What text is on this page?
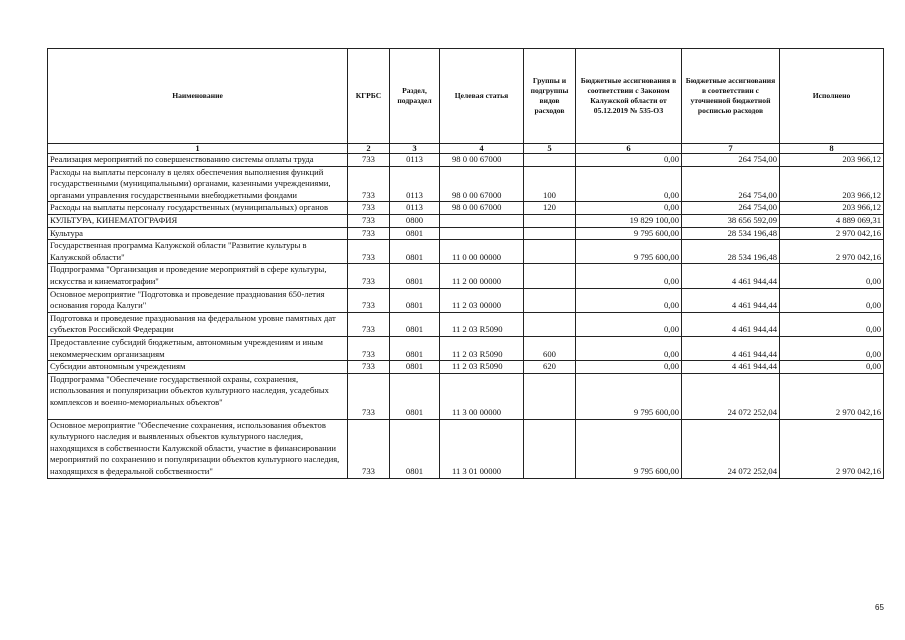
Наименование	КГРБС	Раздел, подраздел	Целевая статья	Группы и подгруппы видов расходов	Бюджетные ассигнования в соответствии с Законом Калужской области от 05.12.2019 № 535-ОЗ	Бюджетные ассигнования в соответствии с уточненной бюджетной росписью расходов	Исполнено
1	2	3	4	5	6	7	8
Реализация мероприятий по совершенствованию системы оплаты труда	733	0113	98 0 00 67000		0,00	264 754,00	203 966,12
Расходы на выплаты персоналу в целях обеспечения выполнения функций государственными (муниципальными) органами, казенными учреждениями, органами управления государственными внебюджетными фондами	733	0113	98 0 00 67000	100	0,00	264 754,00	203 966,12
Расходы на выплаты персоналу государственных (муниципальных) органов	733	0113	98 0 00 67000	120	0,00	264 754,00	203 966,12
КУЛЬТУРА, КИНЕМАТОГРАФИЯ	733	0800			19 829 100,00	38 656 592,09	4 889 069,31
Культура	733	0801			9 795 600,00	28 534 196,48	2 970 042,16
Государственная программа Калужской области "Развитие культуры в Калужской области"	733	0801	11 0 00 00000		9 795 600,00	28 534 196,48	2 970 042,16
Подпрограмма "Организация и проведение мероприятий в сфере культуры, искусства и кинематографии"	733	0801	11 2 00 00000		0,00	4 461 944,44	0,00
Основное мероприятие "Подготовка и проведение празднования 650-летия основания города Калуги"	733	0801	11 2 03 00000		0,00	4 461 944,44	0,00
Подготовка и проведение празднования на федеральном уровне памятных дат субъектов Российской Федерации	733	0801	11 2 03 R5090		0,00	4 461 944,44	0,00
Предоставление субсидий бюджетным, автономным учреждениям и иным некоммерческим организациям	733	0801	11 2 03 R5090	600	0,00	4 461 944,44	0,00
Субсидии автономным учреждениям	733	0801	11 2 03 R5090	620	0,00	4 461 944,44	0,00
Подпрограмма "Обеспечение государственной охраны, сохранения, использования и популяризации объектов культурного наследия, усадебных комплексов и военно-мемориальных объектов"	733	0801	11 3 00 00000		9 795 600,00	24 072 252,04	2 970 042,16
Основное мероприятие "Обеспечение сохранения, использования объектов культурного наследия и выявленных объектов культурного наследия, находящихся в собственности Калужской области, участие в финансировании мероприятий по сохранению и популяризации объектов культурного наследия, находящихся в федеральной собственности"	733	0801	11 3 01 00000		9 795 600,00	24 072 252,04	2 970 042,16
65
